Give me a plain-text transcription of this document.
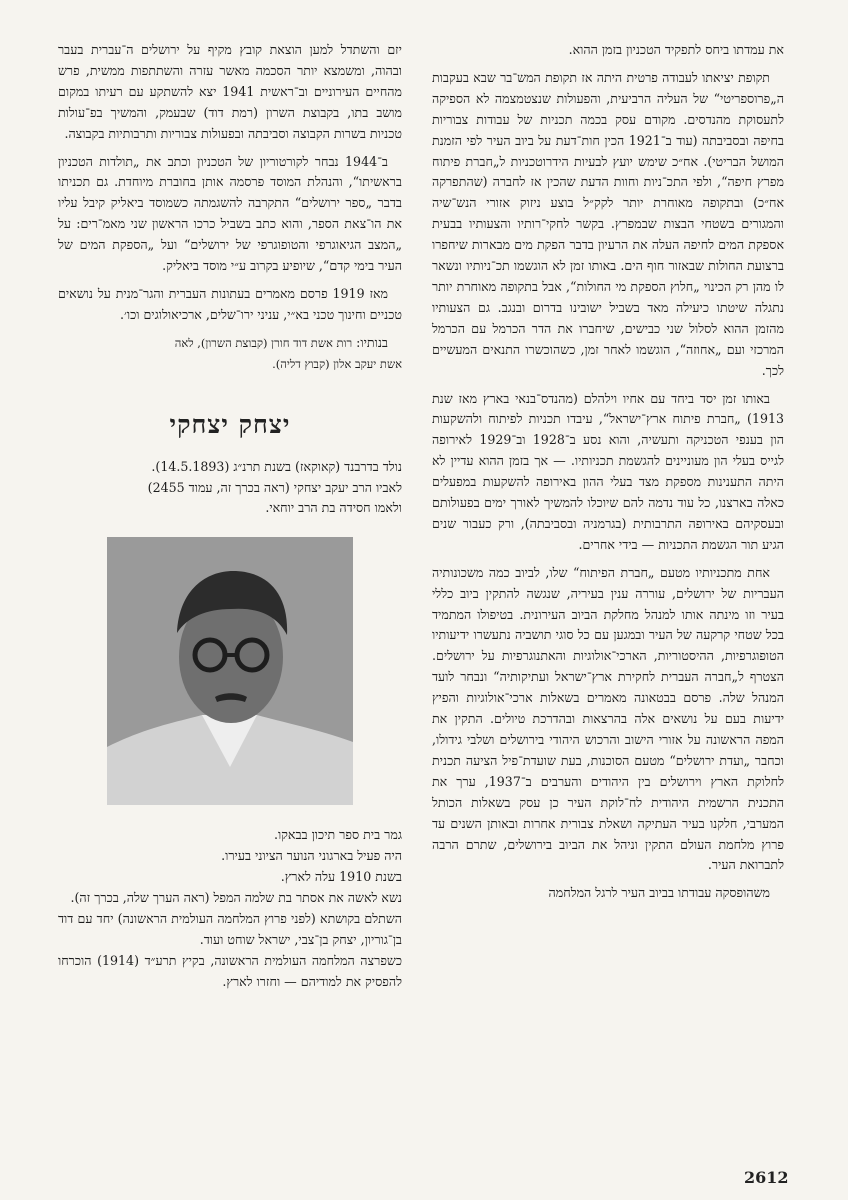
את עמדתו ביחס לתפקיד הטכניון בזמן ההוא.

תקופת יציאתו לעבודה פרטית היתה אז תקופת המש־בר שבא בעקבות ה„פרוספריטי“ של העליה הרביעית, והפעולות שנצטמצמה לא הספיקה לתעסוקת מהנדסים. מקודם עסק בכמה תכניות של עבודות צבוריות בחיפה ובסביבתה (עוד ב־1921 הכין חות־דעת על ביוב העיר לפי הזמנת המושל הבריטי). אח״כ שימש יועץ לבעיות הידרוטכניות ל„חברת פיתוח מפרץ חיפה“, ולפי התכ־ניות וחוות הדעת שהכין אז לחברה (שהתפרקה אח״כ) ובתקופה מאוחרת יותר לקק״ל בוצע ניזוק אזורי הנש־שיה והמגורים בשטחי הבצות שבמפרץ. בקשר לחקי־רותיו והצעותיו בבעית אספקת המים לחיפה העלה את הרעיון בדבר הפקת מים מבארות שיחפרו ברצועת החולות שבאזור חוף הים. באותו זמן לא הוגשמו תכ־ניותיו ונשאר לו מהן רק הכינוי „חלוץ הספקת מי החולות“, אבל בתקופה מאוחרת יותר נתגלה שיטתו כיעילה מאד בשביל ישובינו בדרום ובנגב. גם הצעותיו מהזמן ההוא לסלול שני כבישים, שיחברו את הדר הכרמל עם הכרמל המרכזי ועם „אחוזה“, הוגשמו לאחר זמן, כשהוכשרו התנאים המעשיים לכך.

באותו זמן יסד ביחד עם אחיו וילהלם (מהנדס־בנאי בארץ מאז שנת 1913) „חברת פיתוח ארץ־ישראל“, עיבדו תכניות לפיתוח ולהשקעות הון בענפי הטכניקה ותעשיה, והוא נסע ב־1928 וב־1929 לאירופה לגייס בעלי הון מעוניינים להגשמת תכניותיו. — אך בזמן ההוא עדיין לא היתה התענינות מספקת מצד בעלי ההון באירופה להשקעות במפעלים כאלה בארצנו, כל עוד נדמה להם שיוכלו להמשיך לאורך ימים בפעולותם ובעסקיהם באירופה התרבותית (בגרמניה ובסביבתה), ורק כעבור שנים הגיע תור הגשמת התכניות — בידי אחרים.

אחת מתכניותיו מטעם „חברת הפיתוח“ שלו, לביוב כמה משכונותיה העבריות של ירושלים, עוררה ענין בעיריה, שנגשה להתקין ביוב כללי בעיר וזו מינתה אותו למנהל מחלקת הביוב העירונית. בטיפולו המתמיד בכל שטחי קרקעה של העיר ובמגען עם כל סוגי תושביה נתעשרו ידיעותיו הטופוגרפיות, ההיסטוריות, הארכי־אולוגיות והאתנוגרפיות על ירושלים. הצטרף ל„חברה העברית לחקירת ארץ־ישראל ועתיקותיה“ ונבחר לועד המנהל שלה. פרסם בבטאונה מאמרים בשאלות ארכי־אולוגיות והפיץ ידיעות בעם על נושאים אלה בהרצאות ובהדרכת טיולים. התקין את המפה הראשונה על אזורי הישוב והרכוש היהודי בירושלים ושלבי גידולו, וכחבר „ועדת ירושלים“ מטעם הסוכנות, בעת שועדת־פיל הציעה תכנית לחלוקת הארץ וירושלים בין היהודים והערבים ב־1937, ערך את התכנית הרשמית היהודית לח־לוקת העיר כן עסק בשאלות הכותל המערבי, חלקנו בעיר העתיקה ושאלת צבורית אחרות ובאותן השנים עד פרוץ מלחמת העולם התקין וניהל את הביוב בירושלים, שתרם הרבה לתברואת העיר.

משהופסקה עבודתו בביוב העיר לרגל המלחמה

יזם והשתדל למען הוצאת קובץ מקיף על ירושלים ה־עברית בעבר ובהוה, ומשמצא יותר הסכמה מאשר עזרה והשתתפות ממשית, פרש מהחיים העירוניים וב־ראשית 1941 יצא להשתקע עם רעיתו במקום מושב בתו, בקבוצת השרון (רמת דוד) שבעמק, והמשיך בפ־עולות טכניות בשרות הקבוצה וסביבתה ובפעולות צבוריות ותרבותיות בקבוצה.

ב־1944 נבחר לקורטוריון של הטכניון וכתב את „תולדות הטכניון בראשיתו“, והנהלת המוסד פרסמה אותן בחוברת מיוחדת. גם תכניתו בדבר „ספר ירושלים“ התקרבה להשגמתה כשמוסד ביאליק קיבל עליו את הו־צאת הספר, והוא כתב בשביל כרכו הראשון שני מאמ־רים: על „המצב הגיאוגרפי והטופוגרפי של ירושלים“ ועל „הספקת המים של העיר בימי קדם“, שיופיע בקרוב ע״י מוסד ביאליק.

מאז 1919 פרסם מאמרים בעתונות העברית והגר־מנית על נושאים טכניים וחינוך טכני בא״י, עניני ירו־שלים, ארכיאולוגים וכו׳.

בנותיו: רות אשת דוד חורן (קבוצת השרון), לאה

אשת יעקב אלון (קבוץ דליה).

יצחק יצחקי

נולד בדרבנד (קאוקאז) בשנת תרנ״ג (14.5.1893).

לאביו הרב יעקב יצחקי (ראה בכרך זה, עמוד 2455)

ולאמו חסידה בת הרב יוחאי.

גמר בית ספר תיכון בבאקו.

היה פעיל בארגוני הנוער הציוני בעירו.

בשנת 1910 עלה לארץ.

נשא לאשה את אסתר בת שלמה המפל (ראה הערך שלה, בכרך זה).

השתלם בקושתא (לפני פרוץ המלחמה העולמית הראשונה) יחד עם דוד בן־גוריון, יצחק בן־צבי, ישראל שוחט ועוד.

כשפרצה המלחמה העולמית הראשונה, בקיץ תרע״ד (1914) הוכרחו להפסיק את למודיהם — וחזרו לארץ.

2612
